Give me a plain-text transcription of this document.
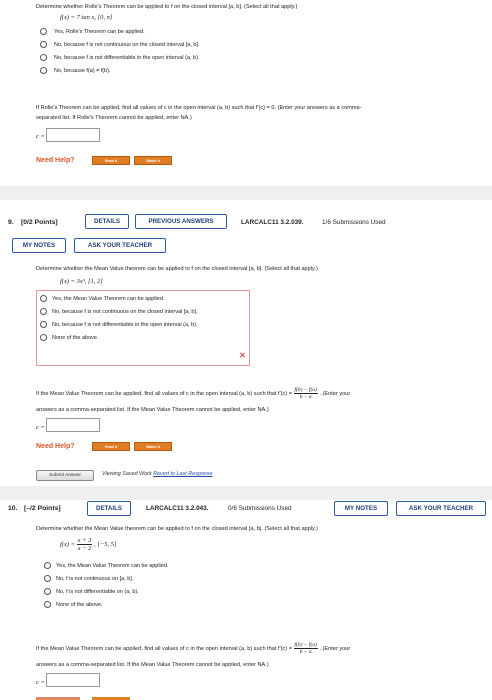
Determine whether Rolle's Theorem can be applied to f on the closed interval [a, b]. (Select all that apply.)
f(x) = 7 tan x, [0, π]
Yes, Rolle's Theorem can be applied.
No, because f is not continuous on the closed interval [a, b].
No, because f is not differentiable in the open interval (a, b).
No, because f(a) ≠ f(b).
If Rolle's Theorem can be applied, find all values of c in the open interval (a, b) such that f′(c) = 0. (Enter your answers as a comma-
separated list. If Rolle's Theorem cannot be applied, enter NA.)
c =
Need Help?	Read It	Watch It
9. [0/2 Points]	DETAILS	PREVIOUS ANSWERS	LARCALC11 3.2.039.	1/6 Submissions Used
MY NOTES	ASK YOUR TEACHER
Determine whether the Mean Value theorem can be applied to f on the closed interval [a, b]. (Select all that apply.)
f(x) = 3x³, [1, 2]
Yes, the Mean Value Theorem can be applied.
No, because f is not continuous on the closed interval [a, b].
No, because f is not differentiable in the open interval (a, b).
None of the above.
✕
If the Mean Value Theorem can be applied, find all values of c in the open interval (a, b) such that $f'(c) = \frac{f(b) - f(a)}{b - a}$ . (Enter your
answers as a comma-separated list. If the Mean Value Theorem cannot be applied, enter NA.)
c =
Need Help?	Read It	Watch It
Submit Answer	Viewing Saved Work Revert to Last Response
10. [–/2 Points]	DETAILS	LARCALC11 3.2.043.	0/6 Submissions Used	MY NOTES	ASK YOUR TEACHER
Determine whether the Mean Value theorem can be applied to f on the closed interval [a, b]. (Select all that apply.)
$f(x) = \frac{x + 3}{x - 2}$ , [−5, 5]
Yes, the Mean Value Theorem can be applied.
No, f is not continuous on [a, b].
No, f is not differentiable on (a, b).
None of the above.
If the Mean Value Theorem can be applied, find all values of c in the open interval (a, b) such that $f'(c) = \frac{f(b) - f(a)}{b - a}$ . (Enter your
answers as a comma-separated list. If the Mean Value Theorem cannot be applied, enter NA.)
c =
